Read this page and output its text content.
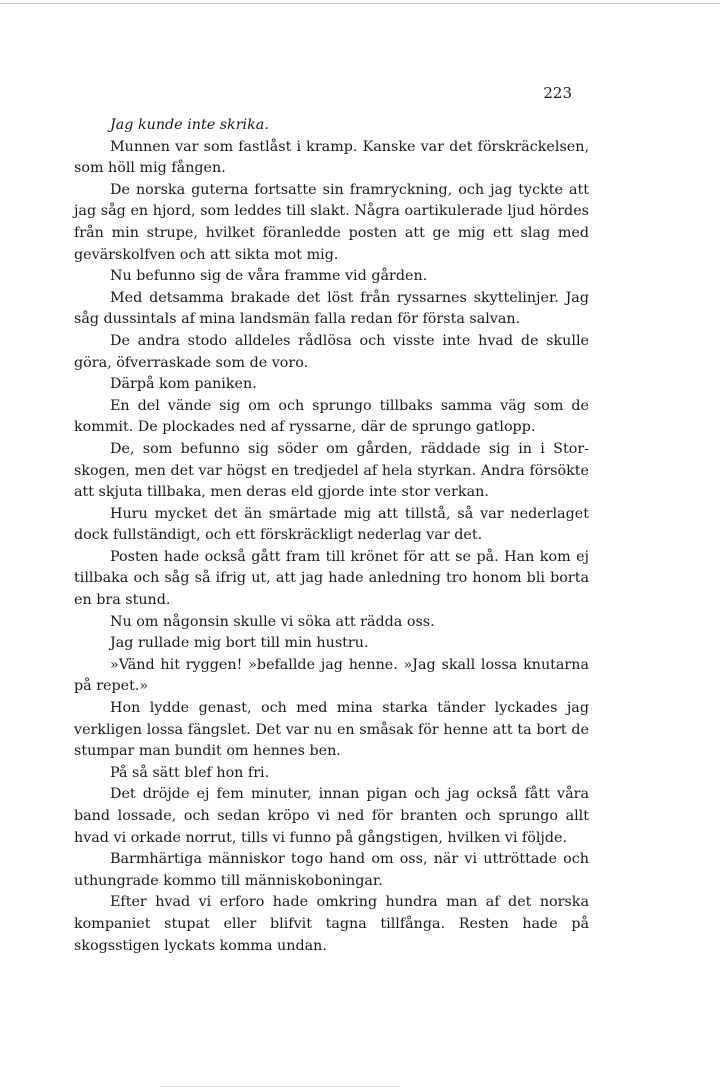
223

Jag kunde inte skrika.

Munnen var som fastlåst i kramp. Kanske var det förskräckelsen, som höll mig fången.

De norska guterna fortsatte sin framryckning, och jag tyckte att jag såg en hjord, som leddes till slakt. Några oartikulerade ljud hördes från min strupe, hvilket föranledde posten att ge mig ett slag med gevärskolfven och att sikta mot mig.

Nu befunno sig de våra framme vid gården.

Med detsamma brakade det löst från ryssarnes skyttelinjer. Jag såg dussintals af mina landsmän falla redan för första salvan.

De andra stodo alldeles rådlösa och visste inte hvad de skulle göra, öfverraskade som de voro.

Därpå kom paniken.

En del vände sig om och sprungo tillbaks samma väg som de kommit. De plockades ned af ryssarne, där de sprungo gatlopp.

De, som befunno sig söder om gården, räddade sig in i Storskogen, men det var högst en tredjedel af hela styrkan. Andra försökte att skjuta tillbaka, men deras eld gjorde inte stor verkan.

Huru mycket det än smärtade mig att tillstå, så var nederlaget dock fullständigt, och ett förskräckligt nederlag var det.

Posten hade också gått fram till krönet för att se på. Han kom ej tillbaka och såg så ifrig ut, att jag hade anledning tro honom bli borta en bra stund.

Nu om någonsin skulle vi söka att rädda oss.

Jag rullade mig bort till min hustru.

»Vänd hit ryggen! »befallde jag henne. »Jag skall lossa knutarna på repet.»

Hon lydde genast, och med mina starka tänder lyckades jag verkligen lossa fängslet. Det var nu en småsak för henne att ta bort de stumpar man bundit om hennes ben.

På så sätt blef hon fri.

Det dröjde ej fem minuter, innan pigan och jag också fått våra band lossade, och sedan kröpo vi ned för branten och sprungo allt hvad vi orkade norrut, tills vi funno på gångstigen, hvilken vi följde.

Barmhärtiga människor togo hand om oss, när vi uttröttade och uthungrade kommo till människoboningar.

Efter hvad vi erforo hade omkring hundra man af det norska kompaniet stupat eller blifvit tagna tillfånga. Resten hade på skogsstigen lyckats komma undan.
